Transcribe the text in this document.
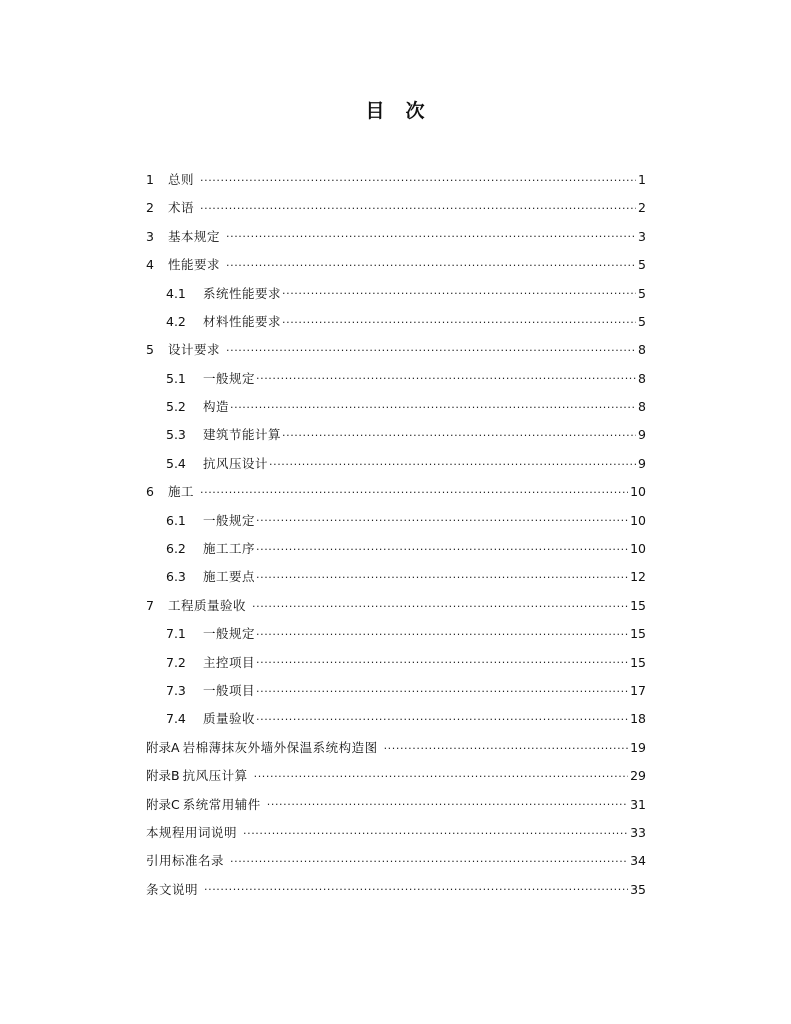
目　次
1	总则 ·····	1
2	术语 ·····	2
3	基本规定 ·····	3
4	性能要求 ·····	5
4.1	系统性能要求 ·····	5
4.2	材料性能要求 ·····	5
5	设计要求 ·····	8
5.1	一般规定 ·····	8
5.2	构造 ·····	8
5.3	建筑节能计算 ·····	9
5.4	抗风压设计 ·····	9
6	施工 ·····	10
6.1	一般规定 ·····	10
6.2	施工工序 ·····	10
6.3	施工要点 ·····	12
7	工程质量验收 ·····	15
7.1	一般规定 ·····	15
7.2	主控项目 ·····	15
7.3	一般项目 ·····	17
7.4	质量验收 ·····	18
附录A 岩棉薄抹灰外墙外保温系统构造图 ·····	19
附录B 抗风压计算 ·····	29
附录C 系统常用辅件 ·····	31
本规程用词说明 ·····	33
引用标准名录 ·····	34
条文说明 ·····	35
